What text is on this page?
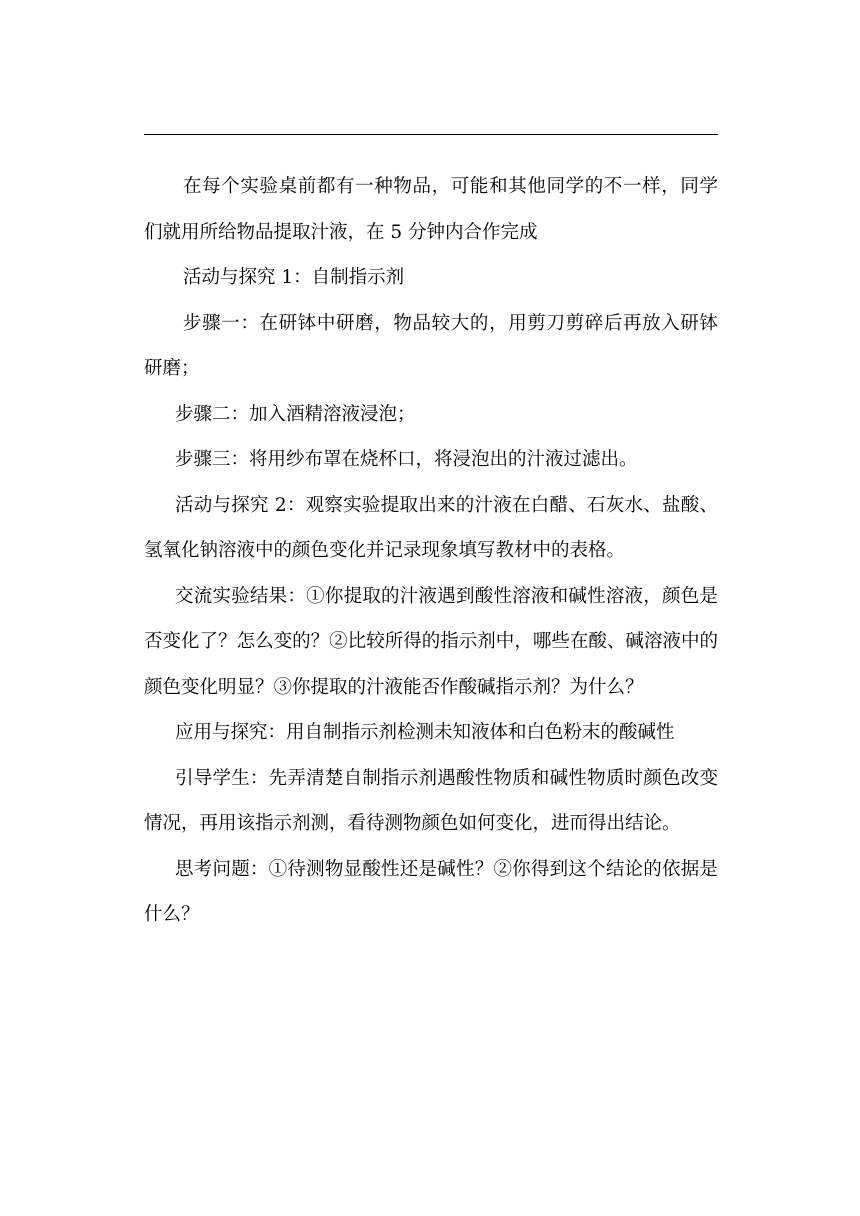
在每个实验桌前都有一种物品，可能和其他同学的不一样，同学们就用所给物品提取汁液，在 5 分钟内合作完成

活动与探究 1：自制指示剂

步骤一：在研钵中研磨，物品较大的，用剪刀剪碎后再放入研钵研磨；

步骤二：加入酒精溶液浸泡；

步骤三：将用纱布罩在烧杯口，将浸泡出的汁液过滤出。

活动与探究 2：观察实验提取出来的汁液在白醋、石灰水、盐酸、氢氧化钠溶液中的颜色变化并记录现象填写教材中的表格。

交流实验结果：①你提取的汁液遇到酸性溶液和碱性溶液，颜色是否变化了？怎么变的？②比较所得的指示剂中，哪些在酸、碱溶液中的颜色变化明显？③你提取的汁液能否作酸碱指示剂？为什么？

应用与探究：用自制指示剂检测未知液体和白色粉末的酸碱性

引导学生：先弄清楚自制指示剂遇酸性物质和碱性物质时颜色改变情况，再用该指示剂测，看待测物颜色如何变化，进而得出结论。

思考问题：①待测物显酸性还是碱性？②你得到这个结论的依据是什么？
